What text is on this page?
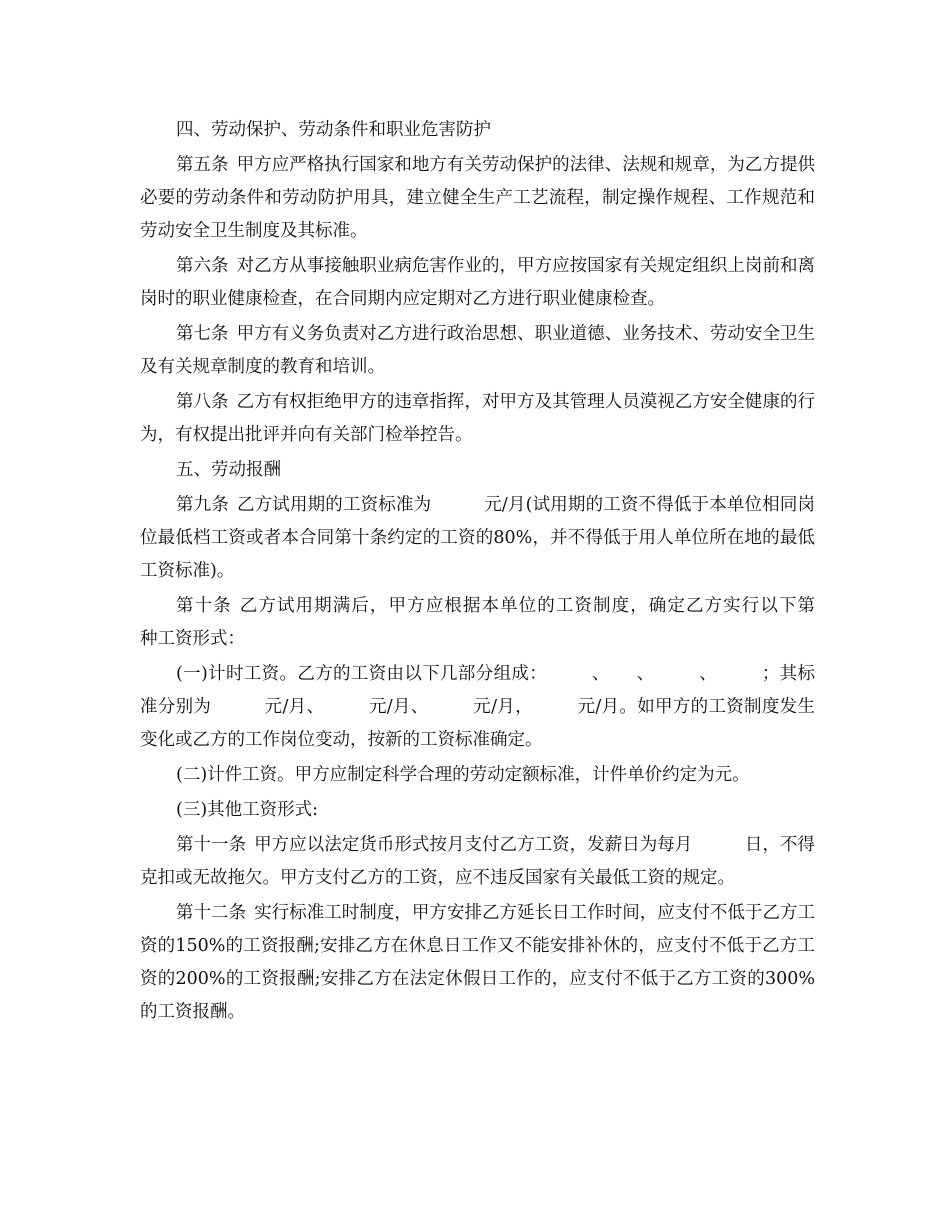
四、劳动保护、劳动条件和职业危害防护

第五条 甲方应严格执行国家和地方有关劳动保护的法律、法规和规章，为乙方提供必要的劳动条件和劳动防护用具，建立健全生产工艺流程，制定操作规程、工作规范和劳动安全卫生制度及其标准。

第六条 对乙方从事接触职业病危害作业的，甲方应按国家有关规定组织上岗前和离岗时的职业健康检查，在合同期内应定期对乙方进行职业健康检查。

第七条 甲方有义务负责对乙方进行政治思想、职业道德、业务技术、劳动安全卫生及有关规章制度的教育和培训。

第八条 乙方有权拒绝甲方的违章指挥，对甲方及其管理人员漠视乙方安全健康的行为，有权提出批评并向有关部门检举控告。

五、劳动报酬

第九条 乙方试用期的工资标准为　　　元/月(试用期的工资不得低于本单位相同岗位最低档工资或者本合同第十条约定的工资的80%，并不得低于用人单位所在地的最低工资标准)。

第十条 乙方试用期满后，甲方应根据本单位的工资制度，确定乙方实行以下第　　　种工资形式：

(一)计时工资。乙方的工资由以下几部分组成：　　　、　　、　　　、　　　；其标准分别为　　　元/月、　　　元/月、　　　元/月，　　　元/月。如甲方的工资制度发生变化或乙方的工作岗位变动，按新的工资标准确定。

(二)计件工资。甲方应制定科学合理的劳动定额标准，计件单价约定为元。

(三)其他工资形式:

第十一条 甲方应以法定货币形式按月支付乙方工资，发薪日为每月　　　日，不得克扣或无故拖欠。甲方支付乙方的工资，应不违反国家有关最低工资的规定。

第十二条 实行标准工时制度，甲方安排乙方延长日工作时间，应支付不低于乙方工资的150%的工资报酬;安排乙方在休息日工作又不能安排补休的，应支付不低于乙方工资的200%的工资报酬;安排乙方在法定休假日工作的，应支付不低于乙方工资的300%的工资报酬。
